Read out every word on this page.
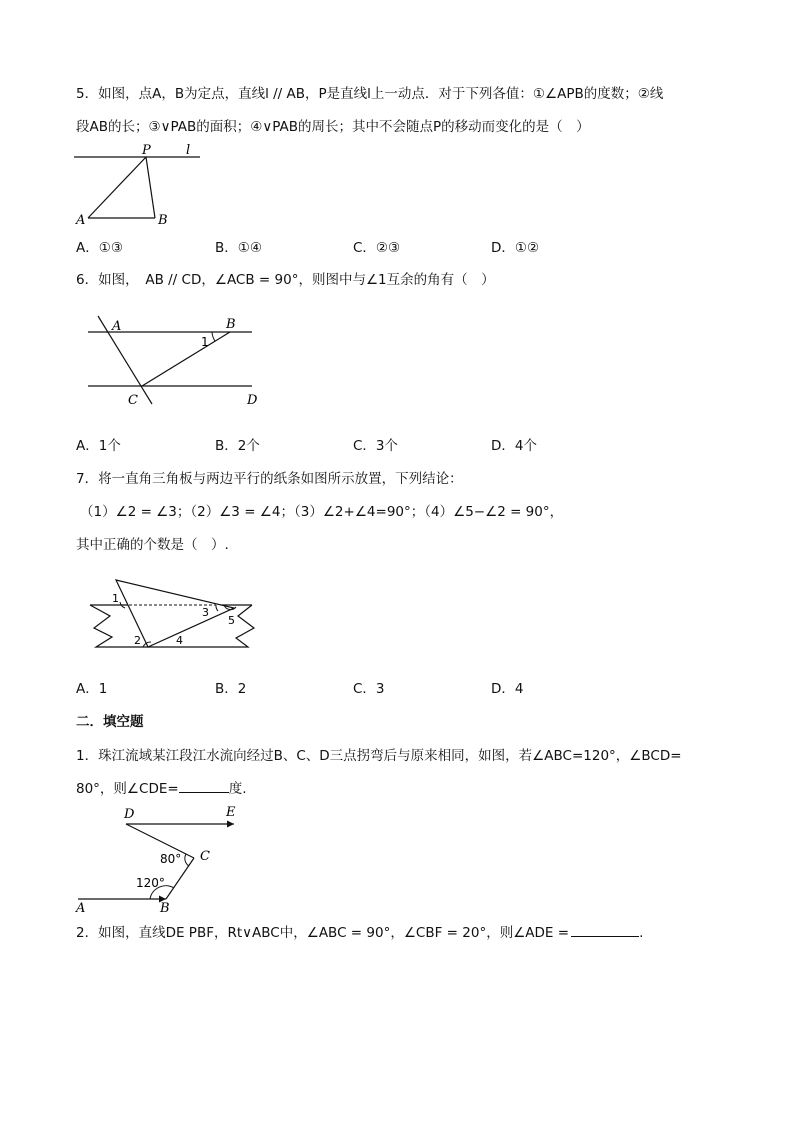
5．如图，点A，B为定点，直线l // AB，P是直线l上一动点．对于下列各值：①∠APB的度数；②线
段AB的长；③∨PAB的面积；④∨PAB的周长；其中不会随点P的移动而变化的是（　）
P	l
A	B
A．①③	B．①④	C．②③	D．①②
6．如图，　AB // CD，∠ACB = 90°，则图中与∠1互余的角有（　）
A	B
C	D
1
A．1个	B．2个	C．3个	D．4个
7．将一直角三角板与两边平行的纸条如图所示放置，下列结论：
（1）∠2 = ∠3；（2）∠3 = ∠4；（3）∠2+∠4=90°；（4）∠5−∠2 = 90°，
其中正确的个数是（　）.
1
2
3
4
5
A．1	B．2	C．3	D．4
二．填空题
1．珠江流域某江段江水流向经过B、C、D三点拐弯后与原来相同，如图，若∠ABC=120°，∠BCD=
80°，则∠CDE=	度.
D	E
C
A	B
80°
120°
2．如图，直线DE PBF，Rt∨ABC中，∠ABC = 90°，∠CBF = 20°，则∠ADE =	.
